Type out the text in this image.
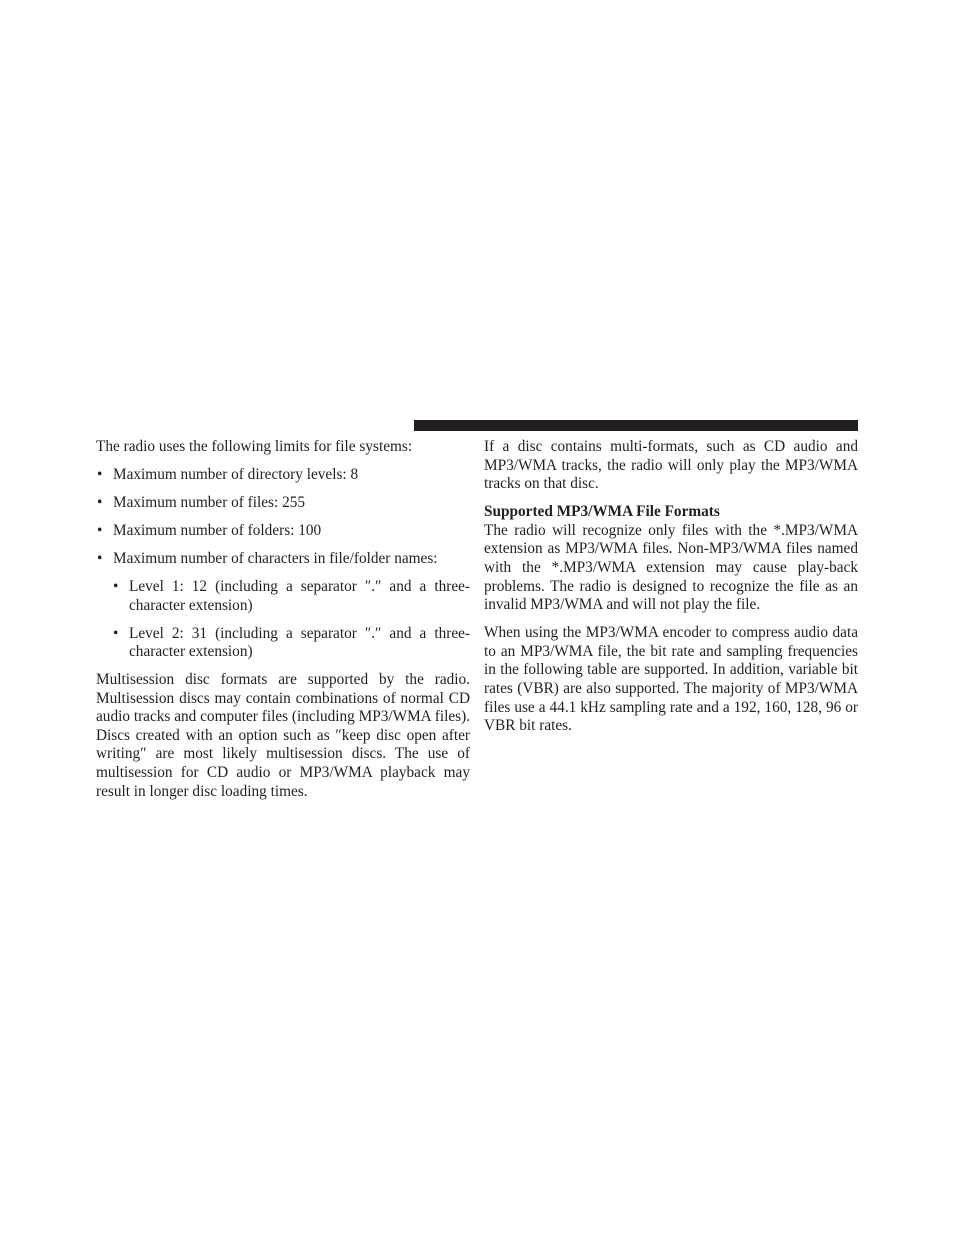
The radio uses the following limits for file systems:

• Maximum number of directory levels: 8
• Maximum number of files: 255
• Maximum number of folders: 100
• Maximum number of characters in file/folder names:
• Level 1: 12 (including a separator ″.″ and a three-character extension)
• Level 2: 31 (including a separator ″.″ and a three-character extension)

Multisession disc formats are supported by the radio. Multisession discs may contain combinations of normal CD audio tracks and computer files (including MP3/WMA files). Discs created with an option such as ″keep disc open after writing″ are most likely multisession discs. The use of multisession for CD audio or MP3/WMA playback may result in longer disc loading times.

If a disc contains multi-formats, such as CD audio and MP3/WMA tracks, the radio will only play the MP3/WMA tracks on that disc.

Supported MP3/WMA File Formats

The radio will recognize only files with the *.MP3/WMA extension as MP3/WMA files. Non-MP3/WMA files named with the *.MP3/WMA extension may cause play-back problems. The radio is designed to recognize the file as an invalid MP3/WMA and will not play the file.

When using the MP3/WMA encoder to compress audio data to an MP3/WMA file, the bit rate and sampling frequencies in the following table are supported. In addition, variable bit rates (VBR) are also supported. The majority of MP3/WMA files use a 44.1 kHz sampling rate and a 192, 160, 128, 96 or VBR bit rates.
